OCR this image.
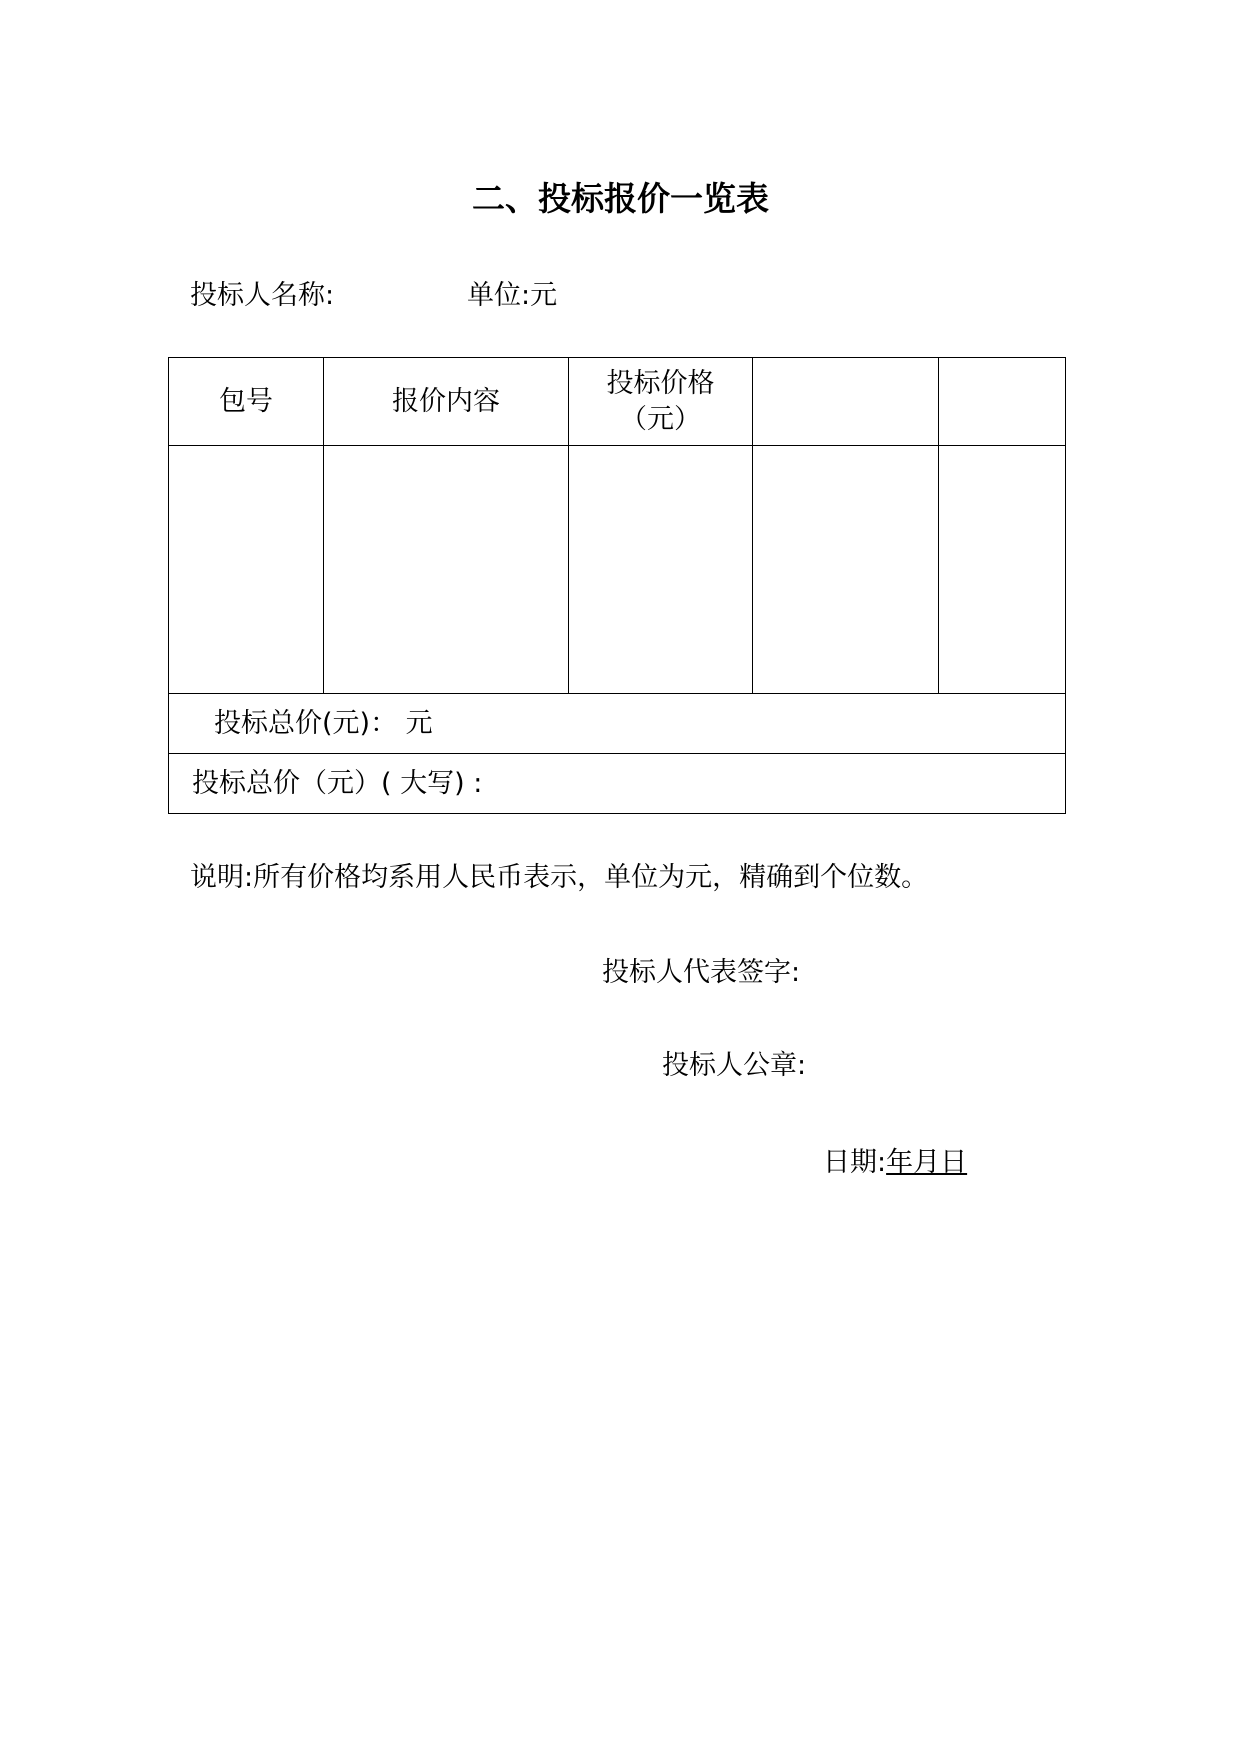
二、投标报价一览表
投标人名称:	单位:元
包号	报价内容	投标价格
（元）		

投标总价(元)： 元				
投标总价（元）( 大写) :				
说明:所有价格均系用人民币表示，单位为元，精确到个位数。
投标人代表签字:
投标人公章:
日期:年月日
